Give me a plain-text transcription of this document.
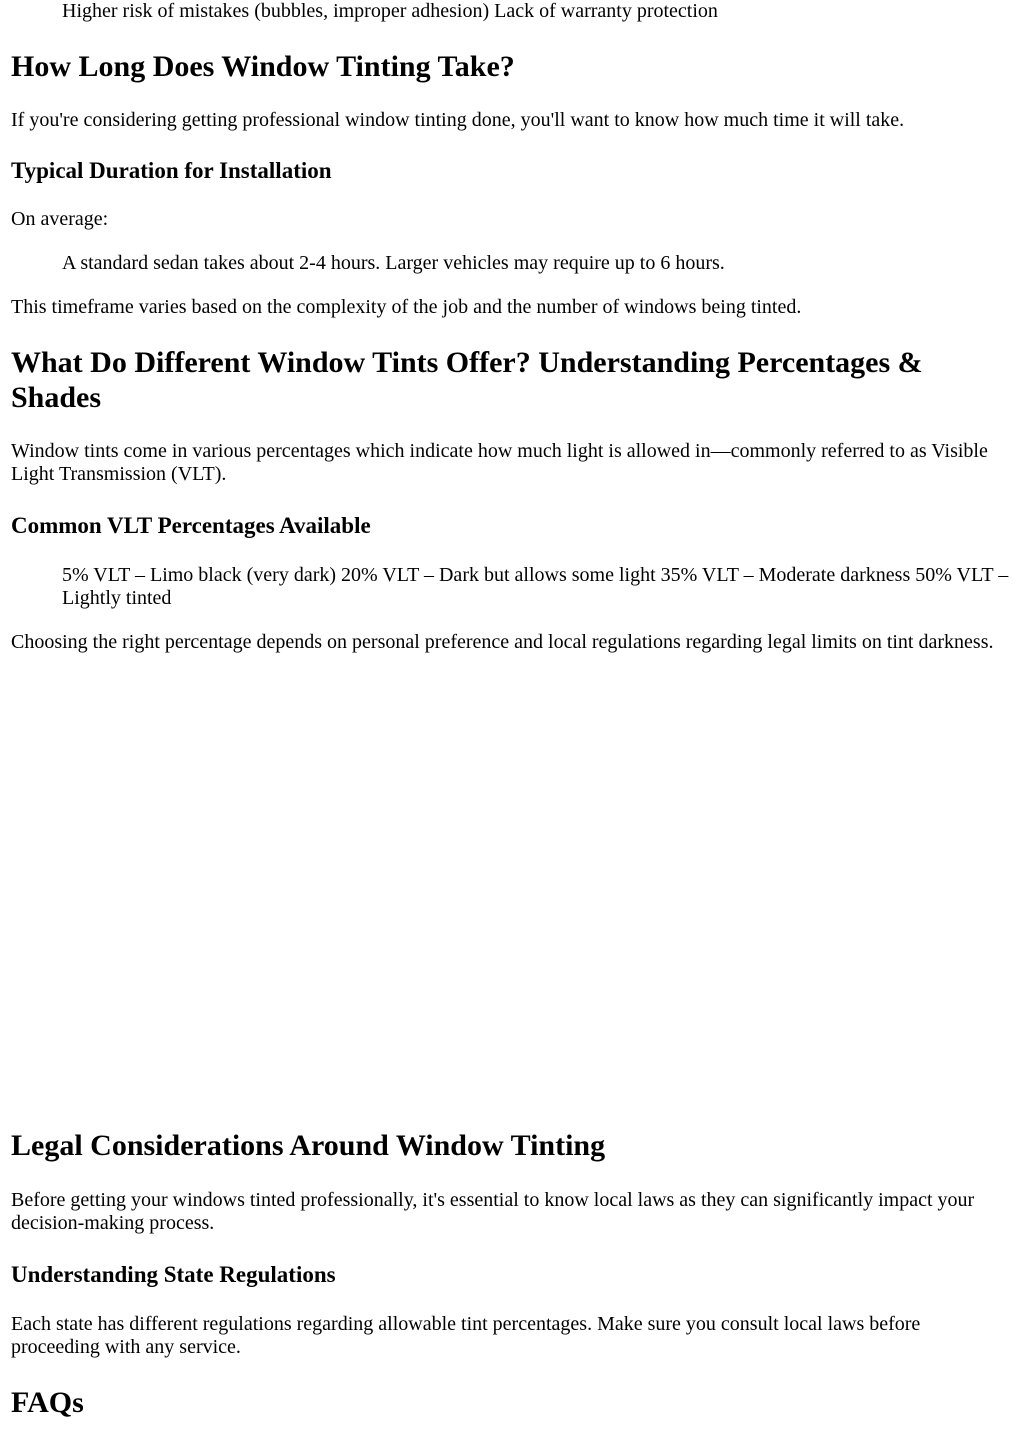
Higher risk of mistakes (bubbles, improper adhesion) Lack of warranty protection

How Long Does Window Tinting Take?

If you're considering getting professional window tinting done, you'll want to know how much time it will take.

Typical Duration for Installation

On average:

A standard sedan takes about 2-4 hours. Larger vehicles may require up to 6 hours.

This timeframe varies based on the complexity of the job and the number of windows being tinted.

What Do Different Window Tints Offer? Understanding Percentages & Shades

Window tints come in various percentages which indicate how much light is allowed in—commonly referred to as Visible Light Transmission (VLT).

Common VLT Percentages Available

5% VLT – Limo black (very dark) 20% VLT – Dark but allows some light 35% VLT – Moderate darkness 50% VLT – Lightly tinted

Choosing the right percentage depends on personal preference and local regulations regarding legal limits on tint darkness.

Legal Considerations Around Window Tinting

Before getting your windows tinted professionally, it's essential to know local laws as they can significantly impact your decision-making process.

Understanding State Regulations

Each state has different regulations regarding allowable tint percentages. Make sure you consult local laws before proceeding with any service.

FAQs
